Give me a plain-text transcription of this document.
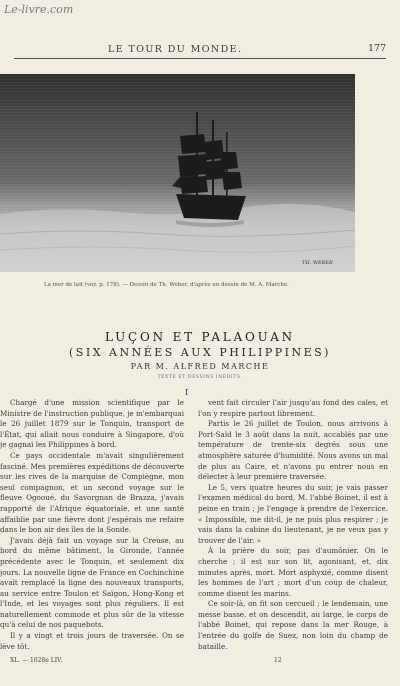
Le-livre.com
LE TOUR DU MONDE.	177
TH. WEBER
La mer de lait (voy. p. 178). — Dessin de Th. Weber, d'après un dessin de M. A. Marche.
LUÇON ET PALAOUAN
(SIX ANNÉES AUX PHILIPPINES)
PAR M. ALFRED MARCHE
TEXTE ET DESSINS INÉDITS.
I

Chargé d'une mission scientifique par le Ministre de l'instruction publique, je m'embarquai le 26 juillet 1879 sur le Tonquin, transport de l'État, qui allait nous conduire à Singapore, d'où je gagnai les Philippines à bord.

Ce pays occidentale m'avait singulièrement fasciné. Mes premières expéditions de découverte sur les rives de la marquise de Compiègne, mon seul compagnon, et un second voyage sur le fleuve Ogooué, du Savorgnan de Brazza, j'avais rapporté de l'Afrique équatoriale, et une santé affaiblie par une fièvre dont j'espérais me refaire dans le bon air des îles de la Sonde.

J'avais déjà fait un voyage sur la Creuse, au bord du même bâtiment, la Gironde, l'année précédente avec le Tonquin, et seulement dix jours. La nouvelle ligne de France en Cochinchine avait remplacé la ligne des nouveaux transports, au service entre Toulon et Saïgon, Hong-Kong et l'Inde, et les voyages sont plus réguliers. Il est naturellement commode et plus sûr de la vitesse qu'à celui de nos paquebots.

Il y a vingt et trois jours de traversée. On se lève tôt.

vent fait circuler l'air jusqu'au fond des cales, et l'on y respire partout librement.

Partis le 26 juillet de Toulon, nous arrivons à Port-Saïd le 3 août dans la nuit, accablés par une température de trente-six degrés sous une atmosphère saturée d'humidité. Nous avons un mal de plus au Caire, et n'avons pu entrer nous en délecter à leur première traversée.

Le 5, vers quatre heures du soir, je vais passer l'examen médical du bord, M. l'abbé Boinet, il est à peine en train ; je l'engage à prendre de l'exercice. « Impossible, me dit-il, je ne puis plus respirer ; je vais dans la cabine du lieutenant, je ne veux pas y trouver de l'air. »

À la prière du soir, pas d'aumônier. On le cherche ; il est sur son lit, agonisant, et, dix minutes après, mort. Mort asphyxié, comme disent les hommes de l'art ; mort d'un coup de chaleur, comme disent les marins.

Ce soir-là, on fit son cercueil ; le lendemain, une messe basse, et on descendit, au large, le corps de l'abbé Boinet, qui repose dans la mer Rouge, à l'entrée du golfe de Suez, non loin du champ de bataille.

XL. — 1028e LIV.	12
